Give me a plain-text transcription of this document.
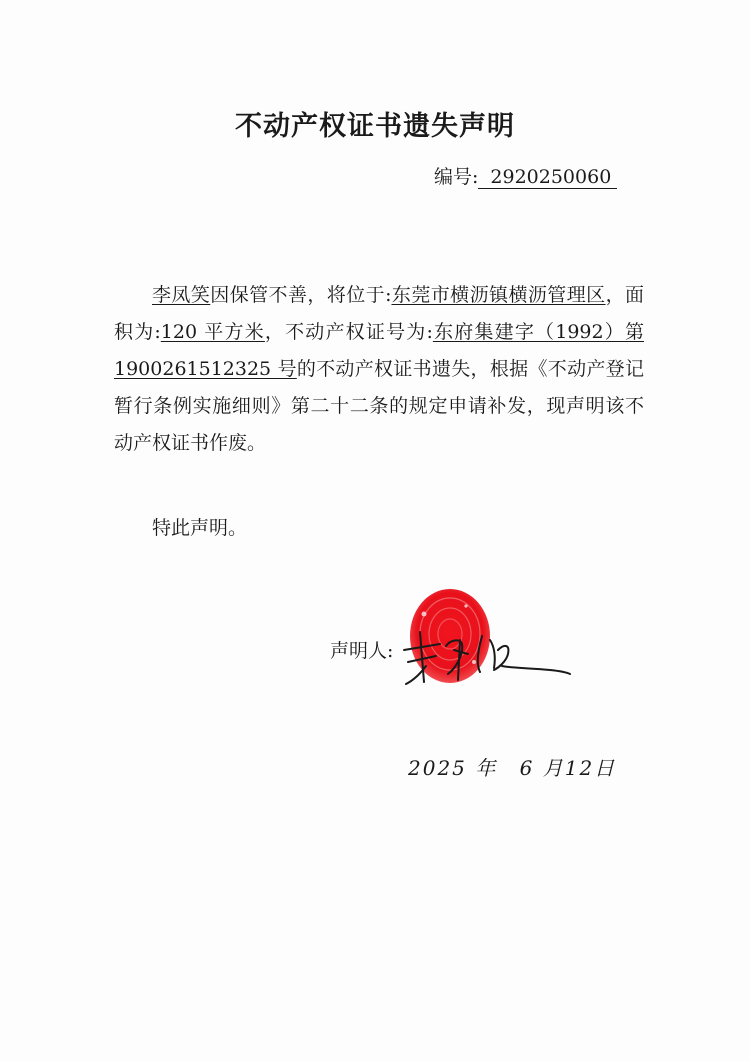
不动产权证书遗失声明
编号: 2920250060

李凤笑因保管不善，将位于:东莞市横沥镇横沥管理区，面积为:120 平方米，不动产权证号为:东府集建字（1992）第 1900261512325 号的不动产权证书遗失，根据《不动产登记暂行条例实施细则》第二十二条的规定申请补发，现声明该不动产权证书作废。

特此声明。
声明人:
2025 年 6 月12日
